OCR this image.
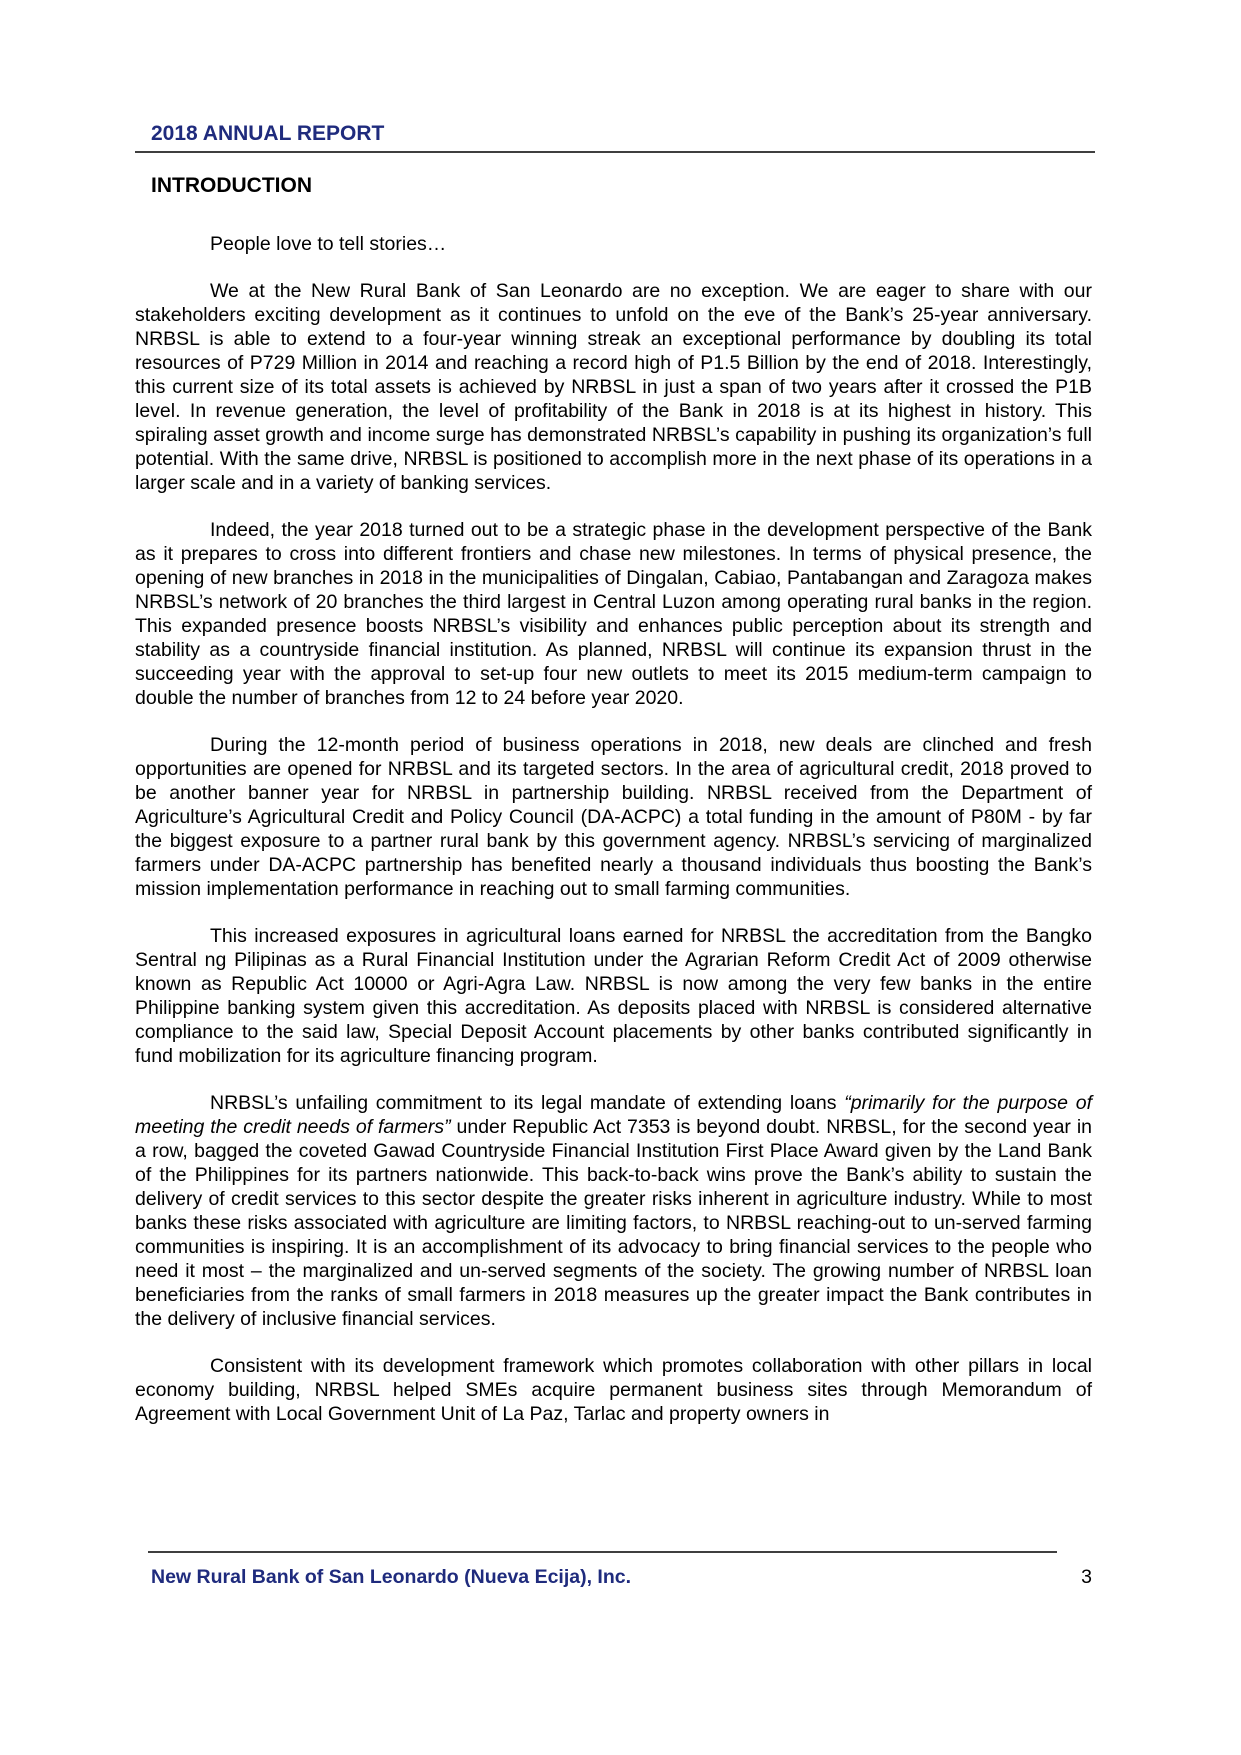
2018 ANNUAL REPORT
INTRODUCTION

People love to tell stories…

We at the New Rural Bank of San Leonardo are no exception. We are eager to share with our stakeholders exciting development as it continues to unfold on the eve of the Bank’s 25-year anniversary. NRBSL is able to extend to a four-year winning streak an exceptional performance by doubling its total resources of P729 Million in 2014 and reaching a record high of P1.5 Billion by the end of 2018. Interestingly, this current size of its total assets is achieved by NRBSL in just a span of two years after it crossed the P1B level. In revenue generation, the level of profitability of the Bank in 2018 is at its highest in history. This spiraling asset growth and income surge has demonstrated NRBSL’s capability in pushing its organization’s full potential. With the same drive, NRBSL is positioned to accomplish more in the next phase of its operations in a larger scale and in a variety of banking services.

Indeed, the year 2018 turned out to be a strategic phase in the development perspective of the Bank as it prepares to cross into different frontiers and chase new milestones. In terms of physical presence, the opening of new branches in 2018 in the municipalities of Dingalan, Cabiao, Pantabangan and Zaragoza makes NRBSL’s network of 20 branches the third largest in Central Luzon among operating rural banks in the region. This expanded presence boosts NRBSL’s visibility and enhances public perception about its strength and stability as a countryside financial institution. As planned, NRBSL will continue its expansion thrust in the succeeding year with the approval to set-up four new outlets to meet its 2015 medium-term campaign to double the number of branches from 12 to 24 before year 2020.

During the 12-month period of business operations in 2018, new deals are clinched and fresh opportunities are opened for NRBSL and its targeted sectors. In the area of agricultural credit, 2018 proved to be another banner year for NRBSL in partnership building. NRBSL received from the Department of Agriculture’s Agricultural Credit and Policy Council (DA-ACPC) a total funding in the amount of P80M - by far the biggest exposure to a partner rural bank by this government agency. NRBSL’s servicing of marginalized farmers under DA-ACPC partnership has benefited nearly a thousand individuals thus boosting the Bank’s mission implementation performance in reaching out to small farming communities.

This increased exposures in agricultural loans earned for NRBSL the accreditation from the Bangko Sentral ng Pilipinas as a Rural Financial Institution under the Agrarian Reform Credit Act of 2009 otherwise known as Republic Act 10000 or Agri-Agra Law. NRBSL is now among the very few banks in the entire Philippine banking system given this accreditation. As deposits placed with NRBSL is considered alternative compliance to the said law, Special Deposit Account placements by other banks contributed significantly in fund mobilization for its agriculture financing program.

NRBSL’s unfailing commitment to its legal mandate of extending loans “primarily for the purpose of meeting the credit needs of farmers” under Republic Act 7353 is beyond doubt. NRBSL, for the second year in a row, bagged the coveted Gawad Countryside Financial Institution First Place Award given by the Land Bank of the Philippines for its partners nationwide. This back-to-back wins prove the Bank’s ability to sustain the delivery of credit services to this sector despite the greater risks inherent in agriculture industry. While to most banks these risks associated with agriculture are limiting factors, to NRBSL reaching-out to un-served farming communities is inspiring. It is an accomplishment of its advocacy to bring financial services to the people who need it most – the marginalized and un-served segments of the society. The growing number of NRBSL loan beneficiaries from the ranks of small farmers in 2018 measures up the greater impact the Bank contributes in the delivery of inclusive financial services.

Consistent with its development framework which promotes collaboration with other pillars in local economy building, NRBSL helped SMEs acquire permanent business sites through Memorandum of Agreement with Local Government Unit of La Paz, Tarlac and property owners in

New Rural Bank of San Leonardo (Nueva Ecija), Inc.	3
